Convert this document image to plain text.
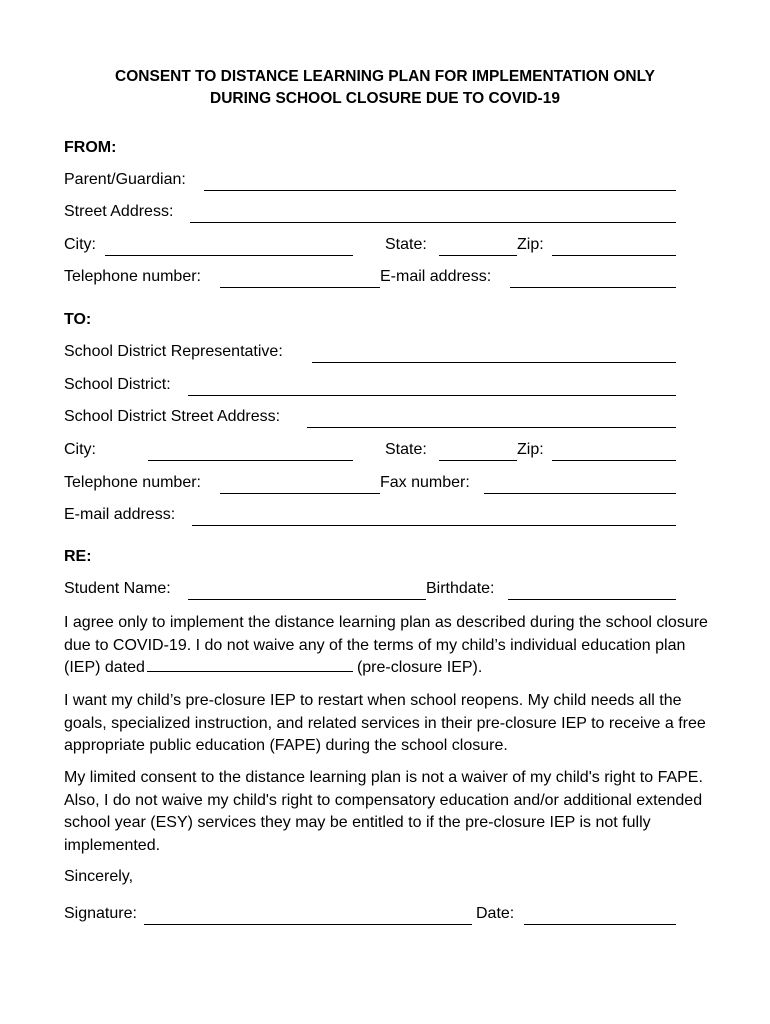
CONSENT TO DISTANCE LEARNING PLAN FOR IMPLEMENTATION ONLY
DURING SCHOOL CLOSURE DUE TO COVID-19
FROM:
Parent/Guardian:
Street Address:
City:	State:	Zip:
Telephone number:	E-mail address:
TO:
School District Representative:
School District:
School District Street Address:
City:	State:	Zip:
Telephone number:	Fax number:
E-mail address:
RE:
Student Name:	Birthdate:
I agree only to implement the distance learning plan as described during the school closure due to COVID-19. I do not waive any of the terms of my child’s individual education plan (IEP) dated	(pre-closure IEP).
I want my child’s pre-closure IEP to restart when school reopens. My child needs all the goals, specialized instruction, and related services in their pre-closure IEP to receive a free appropriate public education (FAPE) during the school closure.
My limited consent to the distance learning plan is not a waiver of my child's right to FAPE. Also, I do not waive my child's right to compensatory education and/or additional extended school year (ESY) services they may be entitled to if the pre-closure IEP is not fully implemented.
Sincerely,
Signature:	Date:
